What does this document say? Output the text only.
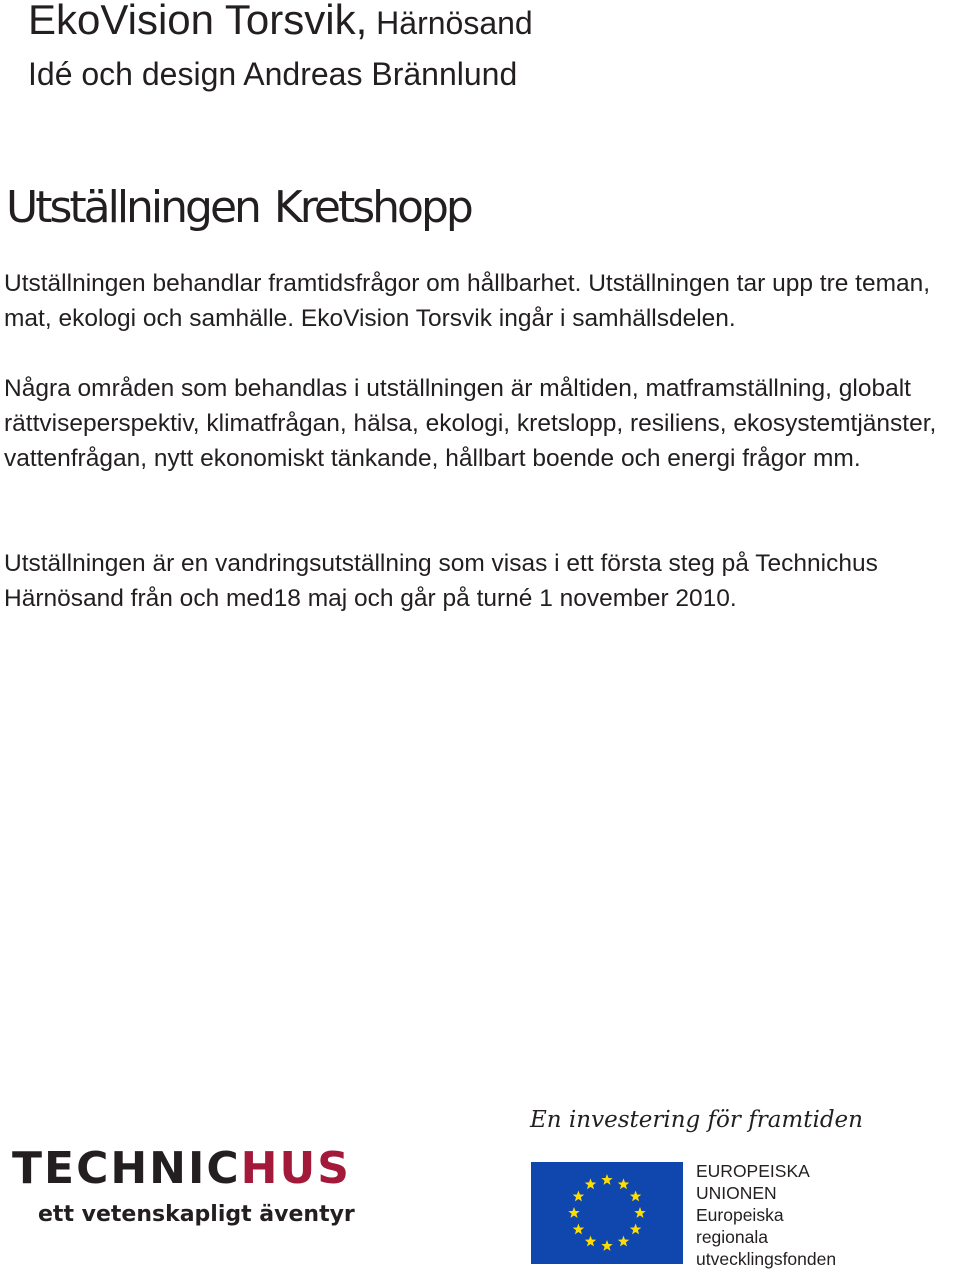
EkoVision Torsvik, Härnösand
Idé och design Andreas Brännlund
Utställningen Kretshopp
Utställningen behandlar framtidsfrågor om hållbarhet. Utställningen tar upp tre teman, mat, ekologi och samhälle. EkoVision Torsvik ingår i samhällsdelen.
Några områden som behandlas i utställningen är måltiden, matframställning, globalt rättviseperspektiv, klimatfrågan, hälsa, ekologi, kretslopp, resiliens, ekosystemtjänster, vattenfrågan, nytt ekonomiskt tänkande, hållbart boende och energi frågor mm.
Utställningen är en vandringsutställning som visas i ett första steg på Technichus Härnösand från och med18 maj och går på turné 1 november 2010.
TECHNICHUS
ett vetenskapligt äventyr
En investering för framtiden
EUROPEISKA
UNIONEN
Europeiska
regionala
utvecklingsfonden
